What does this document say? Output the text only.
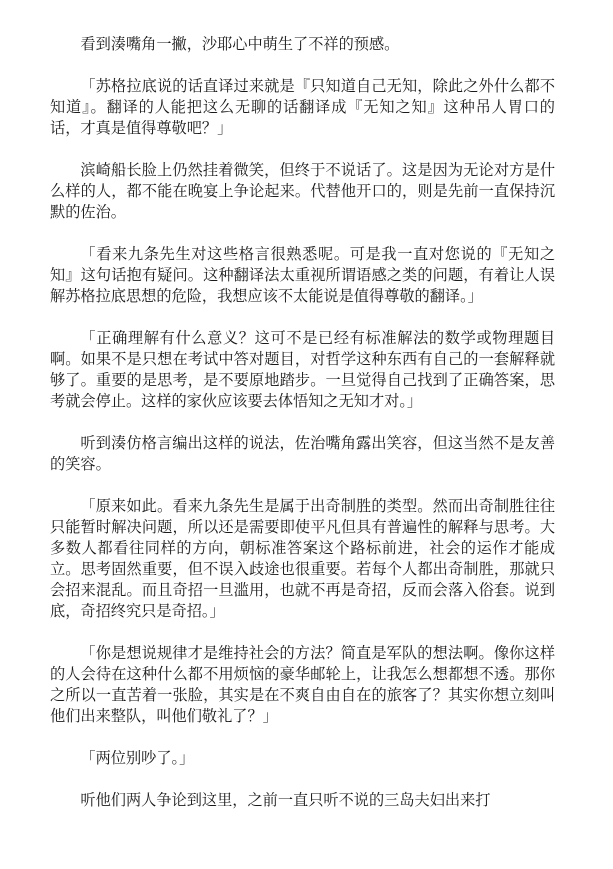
看到湊嘴角一撇，沙耶心中萌生了不祥的预感。

「苏格拉底说的话直译过来就是『只知道自己无知，除此之外什么都不知道』。翻译的人能把这么无聊的话翻译成『无知之知』这种吊人胃口的话，才真是值得尊敬吧？」

滨崎船长脸上仍然挂着微笑，但终于不说话了。这是因为无论对方是什么样的人，都不能在晚宴上争论起来。代替他开口的，则是先前一直保持沉默的佐治。

「看来九条先生对这些格言很熟悉呢。可是我一直对您说的『无知之知』这句话抱有疑问。这种翻译法太重视所谓语感之类的问题，有着让人误解苏格拉底思想的危险，我想应该不太能说是值得尊敬的翻译。」

「正确理解有什么意义？这可不是已经有标准解法的数学或物理题目啊。如果不是只想在考试中答对题目，对哲学这种东西有自己的一套解释就够了。重要的是思考，是不要原地踏步。一旦觉得自己找到了正确答案，思考就会停止。这样的家伙应该要去体悟知之无知才对。」

听到湊仿格言编出这样的说法，佐治嘴角露出笑容，但这当然不是友善的笑容。

「原来如此。看来九条先生是属于出奇制胜的类型。然而出奇制胜往往只能暂时解决问题，所以还是需要即使平凡但具有普遍性的解释与思考。大多数人都看往同样的方向，朝标准答案这个路标前进，社会的运作才能成立。思考固然重要，但不误入歧途也很重要。若每个人都出奇制胜，那就只会招来混乱。而且奇招一旦滥用，也就不再是奇招，反而会落入俗套。说到底，奇招终究只是奇招。」

「你是想说规律才是维持社会的方法？简直是军队的想法啊。像你这样的人会待在这种什么都不用烦恼的豪华邮轮上，让我怎么想都想不透。那你之所以一直苦着一张脸，其实是在不爽自由自在的旅客了？其实你想立刻叫他们出来整队，叫他们敬礼了？」

「两位别吵了。」

听他们两人争论到这里，之前一直只听不说的三岛夫妇出来打
